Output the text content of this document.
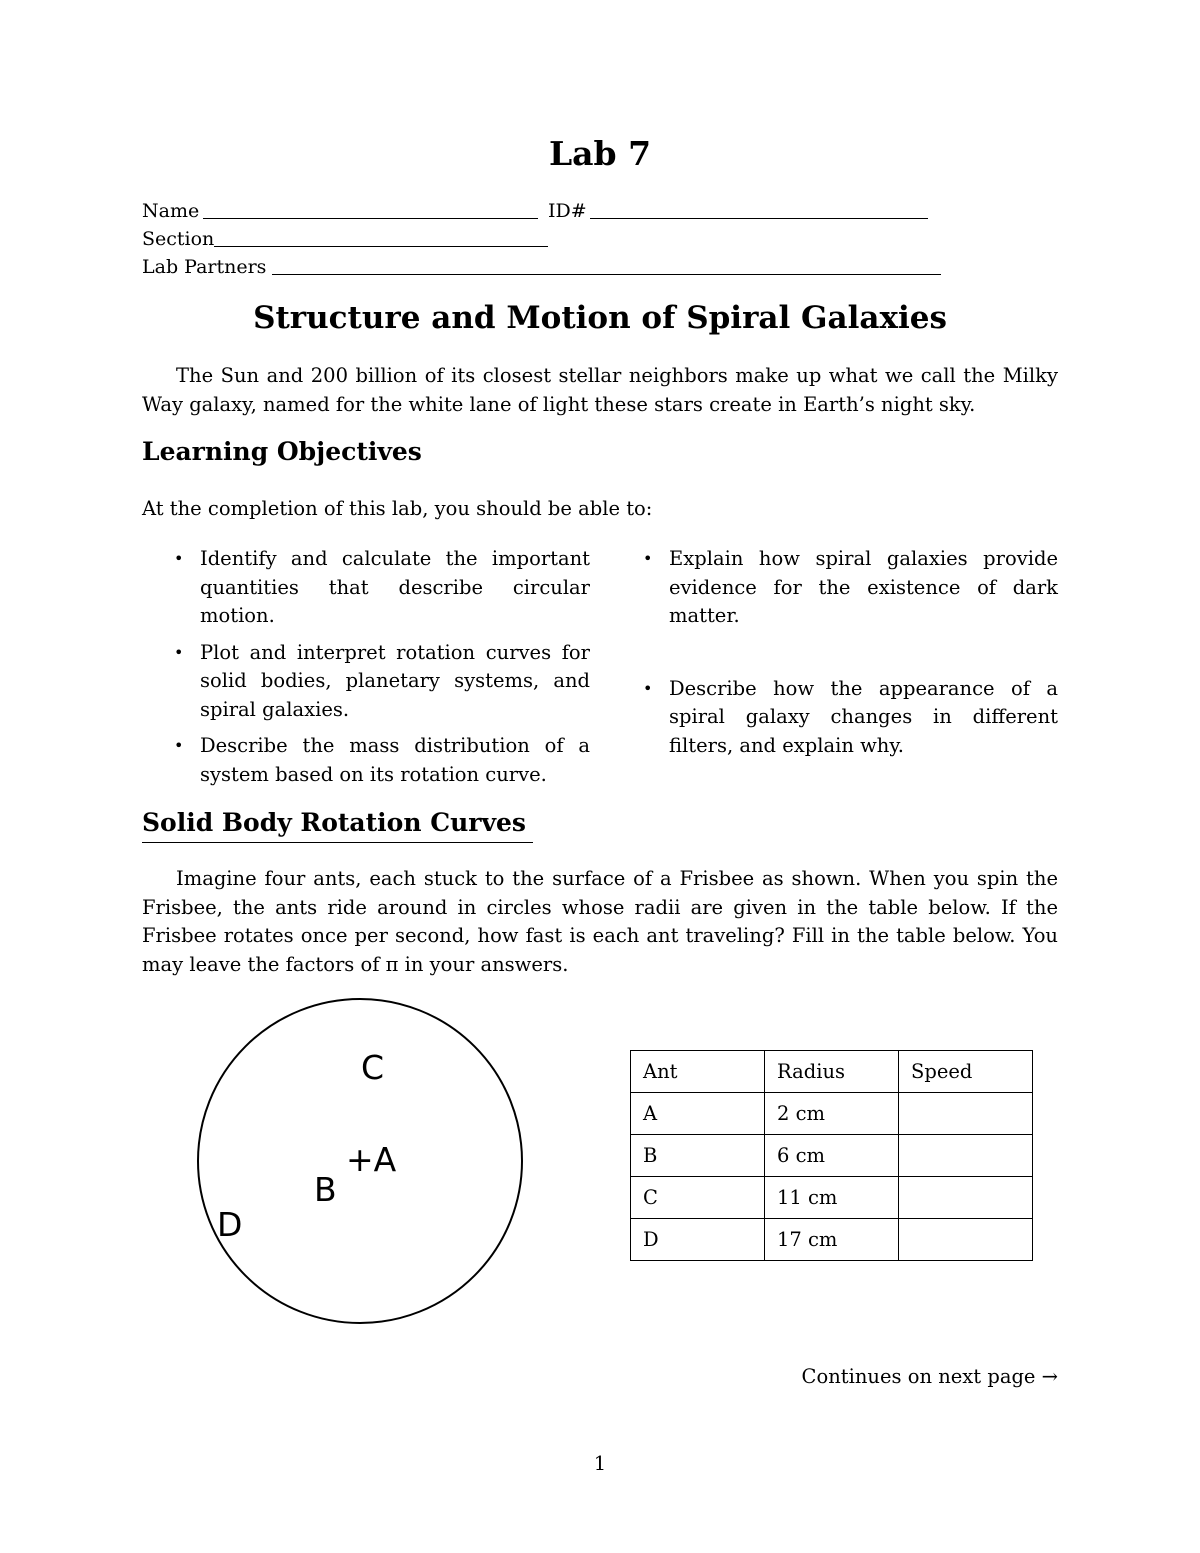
Lab 7
Name	ID#
Section
Lab Partners
Structure and Motion of Spiral Galaxies
The Sun and 200 billion of its closest stellar neighbors make up what we call the Milky Way galaxy, named for the white lane of light these stars create in Earth’s night sky.
Learning Objectives
At the completion of this lab, you should be able to:
• Identify and calculate the important quantities that describe circular motion.
• Plot and interpret rotation curves for solid bodies, planetary systems, and spiral galaxies.
• Describe the mass distribution of a system based on its rotation curve.
• Explain how spiral galaxies provide evidence for the existence of dark matter.
• Describe how the appearance of a spiral galaxy changes in different filters, and explain why.
Solid Body Rotation Curves
Imagine four ants, each stuck to the surface of a Frisbee as shown. When you spin the Frisbee, the ants ride around in circles whose radii are given in the table below. If the Frisbee rotates once per second, how fast is each ant traveling? Fill in the table below. You may leave the factors of π in your answers.
C
+A
B
D
Ant	Radius	Speed
A	2 cm	
B	6 cm	
C	11 cm	
D	17 cm	
Continues on next page →
1
